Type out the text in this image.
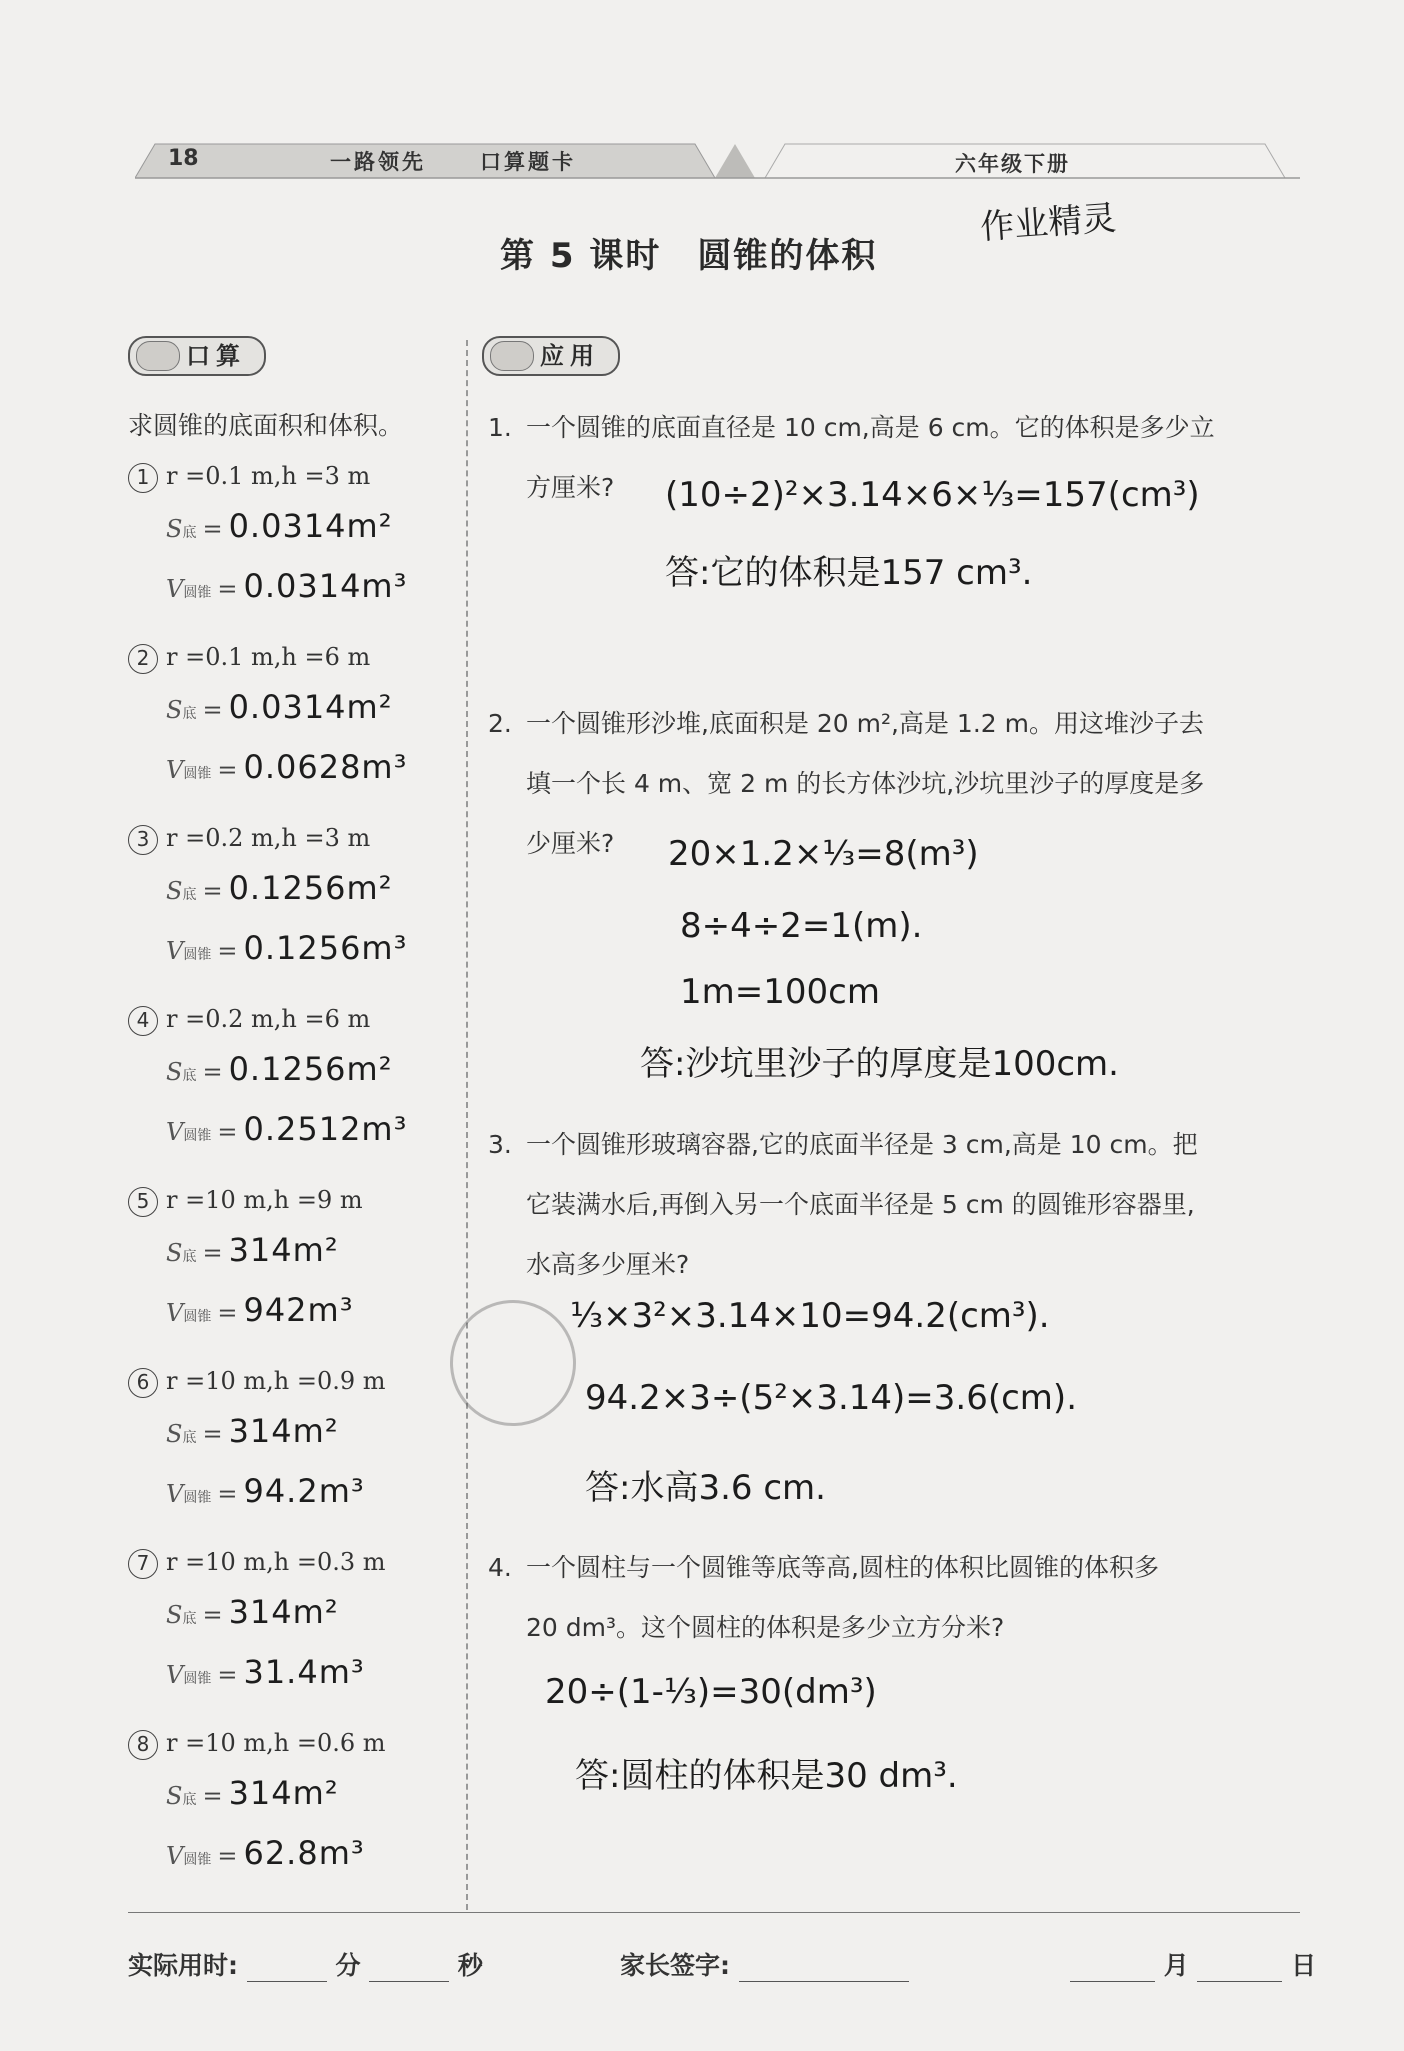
18	一路领先	口算题卡	六年级下册
第 5 课时 圆锥的体积
作业精灵
口算	应用
求圆锥的底面积和体积。
1 r =0.1 m,h =3 m
S底 = 0.0314m²
V圆锥 = 0.0314m³
2 r =0.1 m,h =6 m
S底 = 0.0314m²
V圆锥 = 0.0628m³
3 r =0.2 m,h =3 m
S底 = 0.1256m²
V圆锥 = 0.1256m³
4 r =0.2 m,h =6 m
S底 = 0.1256m²
V圆锥 = 0.2512m³
5 r =10 m,h =9 m
S底 = 314m²
V圆锥 = 942m³
6 r =10 m,h =0.9 m
S底 = 314m²
V圆锥 = 94.2m³
7 r =10 m,h =0.3 m
S底 = 314m²
V圆锥 = 31.4m³
8 r =10 m,h =0.6 m
S底 = 314m²
V圆锥 = 62.8m³
1. 一个圆锥的底面直径是 10 cm,高是 6 cm。它的体积是多少立
方厘米?	(10÷2)²×3.14×6×⅓=157(cm³)
答:它的体积是157 cm³.
2. 一个圆锥形沙堆,底面积是 20 m²,高是 1.2 m。用这堆沙子去
填一个长 4 m、宽 2 m 的长方体沙坑,沙坑里沙子的厚度是多
少厘米?	20×1.2×⅓=8(m³)
8÷4÷2=1(m).
1m=100cm
答:沙坑里沙子的厚度是100cm.
3. 一个圆锥形玻璃容器,它的底面半径是 3 cm,高是 10 cm。把
它装满水后,再倒入另一个底面半径是 5 cm 的圆锥形容器里,
水高多少厘米?
⅓×3²×3.14×10=94.2(cm³).
94.2×3÷(5²×3.14)=3.6(cm).
答:水高3.6 cm.
4. 一个圆柱与一个圆锥等底等高,圆柱的体积比圆锥的体积多
20 dm³。这个圆柱的体积是多少立方分米?
20÷(1-⅓)=30(dm³)
答:圆柱的体积是30 dm³.
实际用时:	分	秒	家长签字:	月	日
